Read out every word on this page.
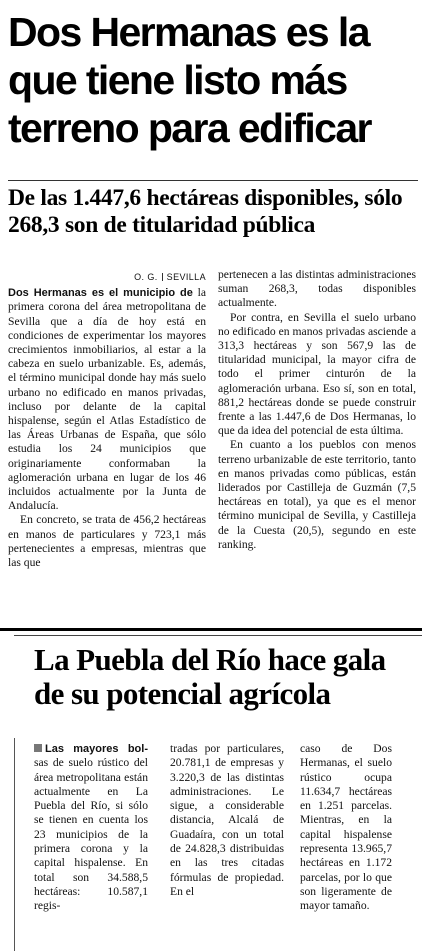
Dos Hermanas es la que tiene listo más terreno para edificar
De las 1.447,6 hectáreas disponibles, sólo 268,3 son de titularidad pública
O. G. SEVILLA

Dos Hermanas es el municipio de la primera corona del área metropolitana de Sevilla que a día de hoy está en condiciones de experimentar los mayores crecimientos inmobiliarios, al estar a la cabeza en suelo urbanizable. Es, además, el término municipal donde hay más suelo urbano no edificado en manos privadas, incluso por delante de la capital hispalense, según el Atlas Estadístico de las Áreas Urbanas de España, que sólo estudia los 24 municipios que originariamente conformaban la aglomeración urbana en lugar de los 46 incluidos actualmente por la Junta de Andalucía.

En concreto, se trata de 456,2 hectáreas en manos de particulares y 723,1 más pertenecientes a empresas, mientras que las que

pertenecen a las distintas administraciones suman 268,3, todas disponibles actualmente.

Por contra, en Sevilla el suelo urbano no edificado en manos privadas asciende a 313,3 hectáreas y son 567,9 las de titularidad municipal, la mayor cifra de todo el primer cinturón de la aglomeración urbana. Eso sí, son en total, 881,2 hectáreas donde se puede construir frente a las 1.447,6 de Dos Hermanas, lo que da idea del potencial de esta última.

En cuanto a los pueblos con menos terreno urbanizable de este territorio, tanto en manos privadas como públicas, están liderados por Castilleja de Guzmán (7,5 hectáreas en total), ya que es el menor término municipal de Sevilla, y Castilleja de la Cuesta (20,5), segundo en este ranking.

La Puebla del Río hace gala de su potencial agrícola

Las mayores bol- sas de suelo rústico del área metropolitana están actualmente en La Puebla del Río, si sólo se tienen en cuenta los 23 municipios de la primera corona y la capital hispalense. En total son 34.588,5 hectáreas: 10.587,1 regis-

tradas por particulares, 20.781,1 de empresas y 3.220,3 de las distintas administraciones. Le sigue, a considerable distancia, Alcalá de Guadaíra, con un total de 24.828,3 distribuidas en las tres citadas fórmulas de propiedad. En el

caso de Dos Hermanas, el suelo rústico ocupa 11.634,7 hectáreas en 1.251 parcelas. Mientras, en la capital hispalense representa 13.965,7 hectáreas en 1.172 parcelas, por lo que son ligeramente de mayor tamaño.
